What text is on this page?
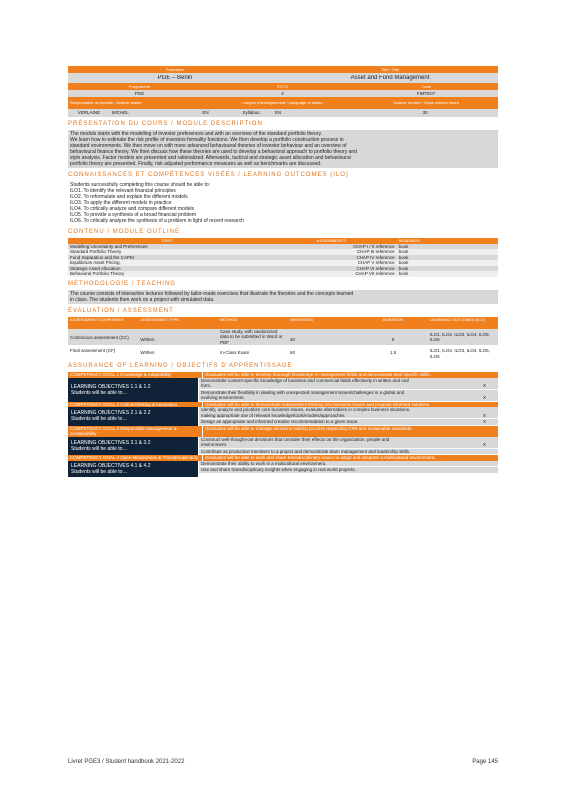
Formation	Title / Title
PGE – Berlin	Asset and Fund Management
Programme	ECTS	Code
PGE	4	FIMTE07
Responsable du module / Module leader	Langue d'enseignement / Language of tuition	Volume horaire / Class contact hours
VERLAINE	MICHEL	EN	Syllabus:	EN	30
PRÉSENTATION DU COURS / MODULE DESCRIPTION
The module starts with the modelling of investor preferences and with an overview of the standard portfolio theory.
We learn how to estimate the risk profile of investors formality functions. We then develop a portfolio construction process in
standard environments. We then move on with more advanced behavioural theories of investor behaviour and an overview of
behavioural finance theory. We then discuss how these theories are used to develop a behavioral approach to portfolio theory and
style analysis. Factor models are presented and rationalized. Afterwards, tactical and strategic asset allocation and behavioural
portfolio theory are presented. Finally, risk adjusted performance measures as well as benchmarks are discussed.
CONNAISSANCES ET COMPÉTENCES VISÉES / LEARNING OUTCOMES (ILO)
Students successfully completing this course should be able to:
ILO1. To identify the relevant financial principles
ILO2. To reformulate and explain the different models
ILO3. To apply the different models in practice
ILO4. To critically analyze and compare different models
ILO5. To provide a synthesis of a broad financial problem
ILO6. To critically analyze the synthesis of a problem in light of recent research
CONTENU / MODULE OUTLINE
TOPIC	ASSIGNMENTS	READINGS
Modelling Uncertainty and Preferences	CHAP I / II reference	book
Standard Portfolio Theory	CHAP III reference	book
Fund Separation and the CAPM	CHAP IV reference	book
Equilibrium Asset Pricing	CHAP V reference	book
Strategic Asset Allocation	CHAP VI reference	book
Behavioral Portfolio Theory	CHAP VII reference	book
MÉTHODOLOGIE / TEACHING
The course consists of interactive lectures followed by tailor-made exercises that illustrate the theories and the concepts learned
in class. The students then work on a project with simulated data.
ÉVALUATION / ASSESSMENT
ASSESSMENT COMPONENT	ASSESSMENT TYPE	METHOD	WEIGHTING	DURATION	LEARNING OUTCOMES (ILO)
Continuous assessment (CC)	Written	Case study, with randomized data to be submitted in Word or PDF	40	9	ILO1, ILO2, ILO3, ILO4, ILO5, ILO6
Final assessment (CF)	Written	In-Class Exam	60	1.5	ILO1, ILO2, ILO3, ILO4, ILO5, ILO6
ASSURANCE OF LEARNING / OBJECTIFS D'APPRENTISSAGE
COMPETENCY GOAL 1 Knowledge & Adaptability	Graduates will be able to develop thorough knowledge in management fields and demonstrate their specific skills.
LEARNING OBJECTIVES 1.1 & 1.2
Students will be able to…
Demonstrate content-specific knowledge of business and commercial fields effectively in written and oral form.	X
Demonstrate their flexibility in dealing with unexpected management issues/challenges in a global and evolving environment.	X
COMPETENCY GOAL 2 Critical thinking & Innovation	Graduates will be able to demonstrate independent thinking into business issues and propose informed solutions.
LEARNING OBJECTIVES 2.1 & 2.2
Students will be able to…
Identify, analyze and prioritize core business issues, evaluate alternatives in complex business situations, making appropriate use of relevant knowledge/tools/models/approaches.	X
Design an appropriate and informed creative recommendation to a given issue.	X
COMPETENCY GOAL 3 Responsible Management & Sustainability
Graduates will be able to manage decisions making process respecting CSR and sustainable standards.
LEARNING OBJECTIVES 3.1 & 3.2
Students will be able to…
Construct well-thought-out decisions that consider their effects on the organization, people and environment.	X
Contribute as productive members to a project and demonstrate team management and leadership skills.
COMPETENCY GOAL 4 Open-Mindedness & Transdisciplinarity	Graduates will be able to work and share transdisciplinary issues to adapt and integrate a multicultural environment.
LEARNING OBJECTIVES 4.1 & 4.2
Students will be able to…
Demonstrate their ability to work in a multicultural environment.
Use and share transdisciplinary insights when engaging in real world projects.
Livret PGE3 / Student handbook 2021-2022	Page 145
